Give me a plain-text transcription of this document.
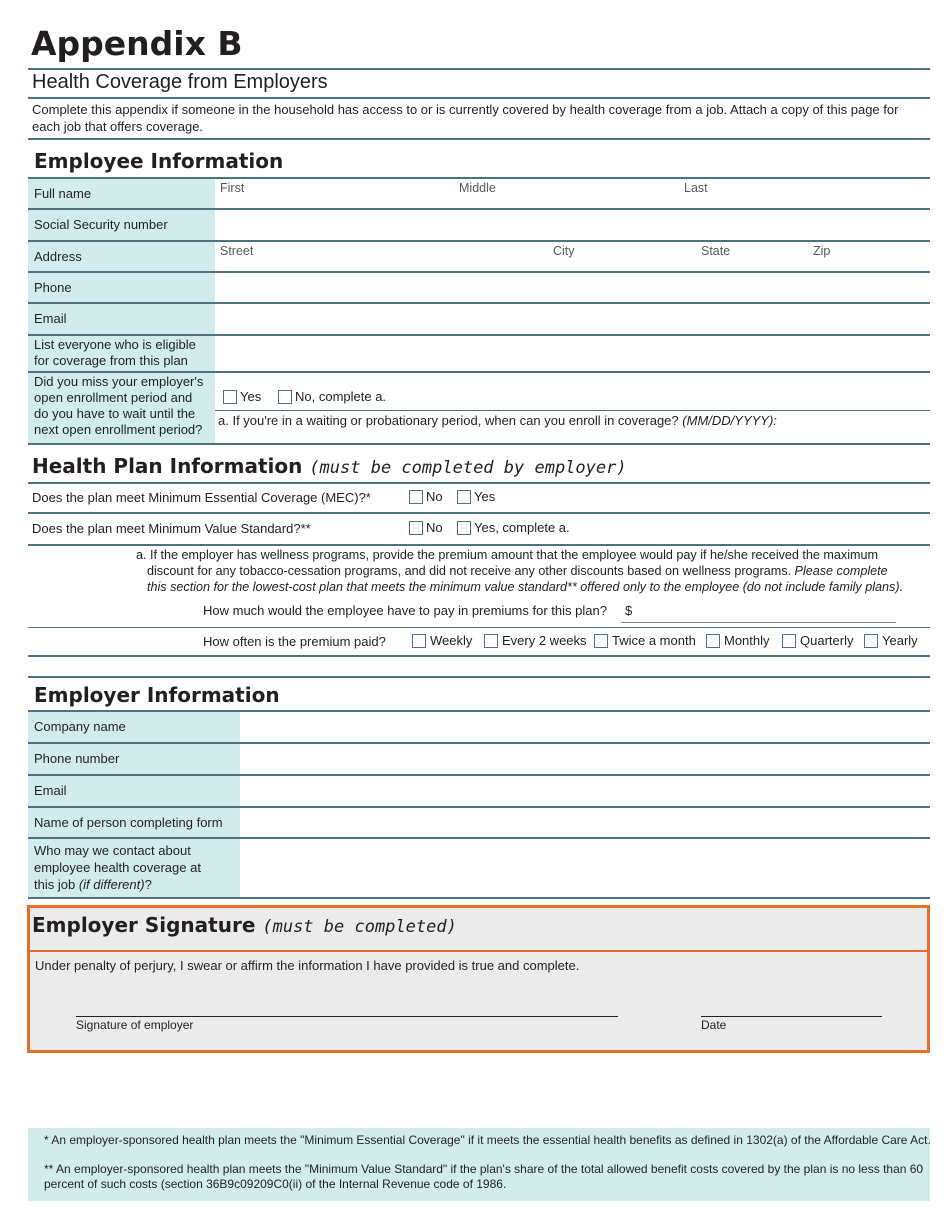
Appendix B
Health Coverage from Employers
Complete this appendix if someone in the household has access to or is currently covered by health coverage from a job. Attach a copy of this page for each job that offers coverage.
Employee Information
Full name	First	Middle	Last
Social Security number
Address	Street	City	State	Zip
Phone
Email
List everyone who is eligible
for coverage from this plan
Did you miss your employer's
open enrollment period and
do you have to wait until the
next open enrollment period?
Yes	No, complete a.
a. If you're in a waiting or probationary period, when can you enroll in coverage? (MM/DD/YYYY):
Health Plan Information (must be completed by employer)
Does the plan meet Minimum Essential Coverage (MEC)?*	No Yes
Does the plan meet Minimum Value Standard?**	No Yes, complete a.
a. If the employer has wellness programs, provide the premium amount that the employee would pay if he/she received the maximum
discount for any tobacco-cessation programs, and did not receive any other discounts based on wellness programs. Please complete
this section for the lowest-cost plan that meets the minimum value standard** offered only to the employee (do not include family plans).
How much would the employee have to pay in premiums for this plan? $
How often is the premium paid?	Weekly Every 2 weeks Twice a month Monthly Quarterly Yearly
Employer Information
Company name
Phone number
Email
Name of person completing form
Who may we contact about
employee health coverage at
this job (if different)?
Employer Signature (must be completed)
Under penalty of perjury, I swear or affirm the information I have provided is true and complete.
Signature of employer	Date
* An employer-sponsored health plan meets the "Minimum Essential Coverage" if it meets the essential health benefits as defined in 1302(a) of the Affordable Care Act.
** An employer-sponsored health plan meets the "Minimum Value Standard" if the plan's share of the total allowed benefit costs covered by the plan is no less than 60
percent of such costs (section 36B9c09209C0(ii) of the Internal Revenue code of 1986.
